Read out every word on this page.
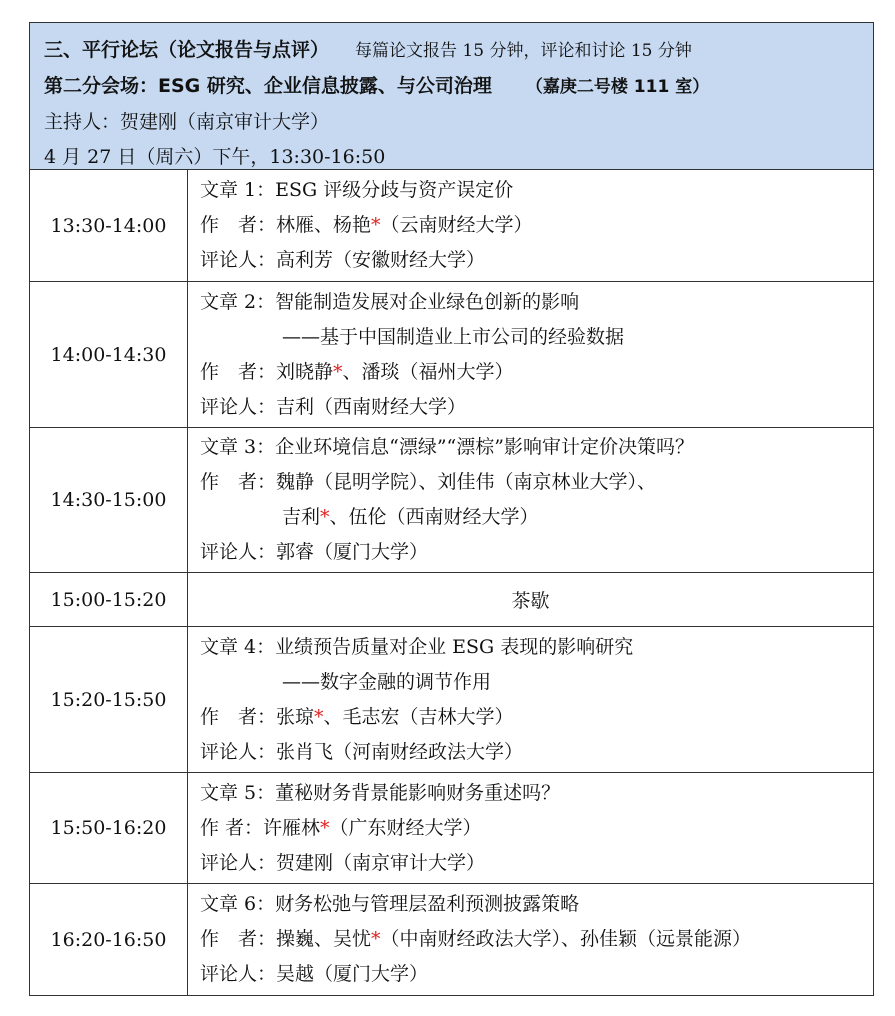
三、平行论坛（论文报告与点评） 每篇论文报告 15 分钟，评论和讨论 15 分钟
第二分会场：ESG 研究、企业信息披露、与公司治理 （嘉庚二号楼 111 室）
主持人：贺建刚（南京审计大学）
4 月 27 日（周六）下午，13:30-16:50
13:30-14:00	文章 1：ESG 评级分歧与资产误定价
作　者：林雁、杨艳*（云南财经大学）
评论人：高利芳（安徽财经大学）

14:00-14:30	文章 2：智能制造发展对企业绿色创新的影响
——基于中国制造业上市公司的经验数据
作　者：刘晓静*、潘琰（福州大学）
评论人：吉利（西南财经大学）

14:30-15:00	文章 3：企业环境信息“漂绿”“漂棕”影响审计定价决策吗？
作　者：魏静（昆明学院）、刘佳伟（南京林业大学）、
吉利*、伍伦（西南财经大学）
评论人：郭睿（厦门大学）

15:00-15:20	茶歇
15:20-15:50	文章 4：业绩预告质量对企业 ESG 表现的影响研究
——数字金融的调节作用
作　者：张琼*、毛志宏（吉林大学）
评论人：张肖飞（河南财经政法大学）

15:50-16:20	文章 5：董秘财务背景能影响财务重述吗？
作 者：许雁林*（广东财经大学）
评论人：贺建刚（南京审计大学）

16:20-16:50	文章 6：财务松弛与管理层盈利预测披露策略
作　者：操巍、吴忧*（中南财经政法大学）、孙佳颖（远景能源）
评论人：吴越（厦门大学）
